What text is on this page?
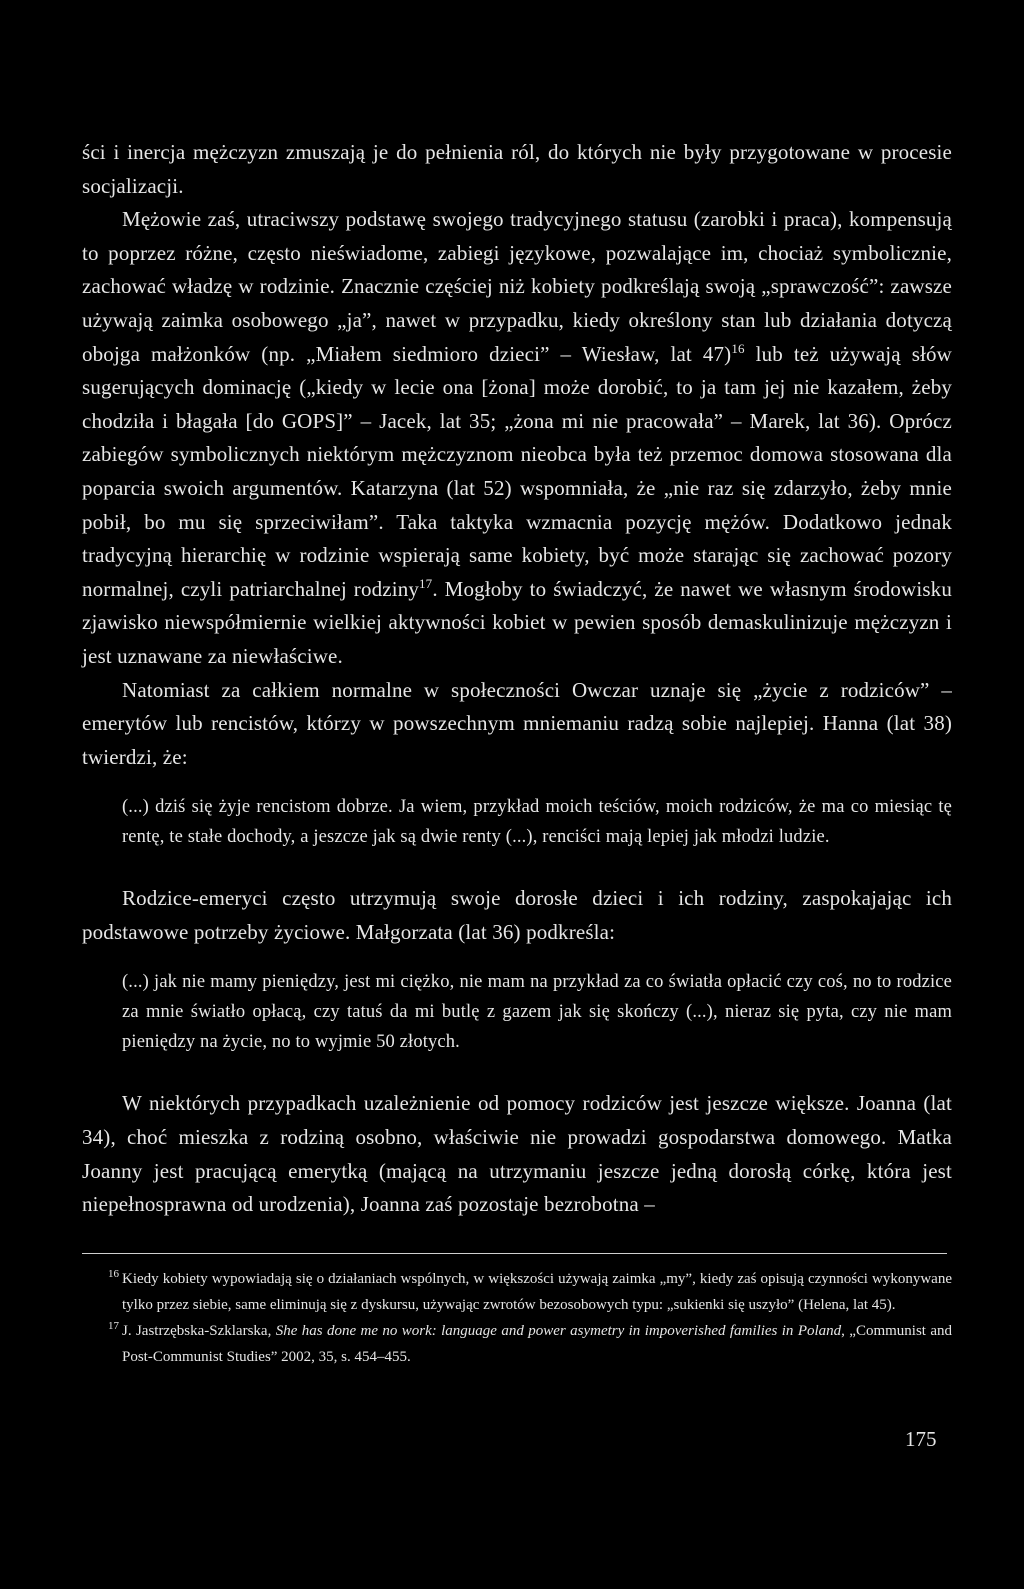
ści i inercja mężczyzn zmuszają je do pełnienia ról, do których nie były przygotowane w procesie socjalizacji.

Mężowie zaś, utraciwszy podstawę swojego tradycyjnego statusu (zarobki i praca), kompensują to poprzez różne, często nieświadome, zabiegi językowe, pozwalające im, chociaż symbolicznie, zachować władzę w rodzinie. Znacznie częściej niż kobiety podkreślają swoją „sprawczość”: zawsze używają zaimka osobowego „ja”, nawet w przypadku, kiedy określony stan lub działania dotyczą obojga małżonków (np. „Miałem siedmioro dzieci” – Wiesław, lat 47)$^{16}$ lub też używają słów sugerujących dominację („kiedy w lecie ona [żona] może dorobić, to ja tam jej nie kazałem, żeby chodziła i błagała [do GOPS]” – Jacek, lat 35; „żona mi nie pracowała” – Marek, lat 36). Oprócz zabiegów symbolicznych niektórym mężczyznom nieobca była też przemoc domowa stosowana dla poparcia swoich argumentów. Katarzyna (lat 52) wspomniała, że „nie raz się zdarzyło, żeby mnie pobił, bo mu się sprzeciwiłam”. Taka taktyka wzmacnia pozycję mężów. Dodatkowo jednak tradycyjną hierarchię w rodzinie wspierają same kobiety, być może starając się zachować pozory normalnej, czyli patriarchalnej rodziny$^{17}$. Mogłoby to świadczyć, że nawet we własnym środowisku zjawisko niewspółmiernie wielkiej aktywności kobiet w pewien sposób demaskulinizuje mężczyzn i jest uznawane za niewłaściwe.

Natomiast za całkiem normalne w społeczności Owczar uznaje się „życie z rodziców” – emerytów lub rencistów, którzy w powszechnym mniemaniu radzą sobie najlepiej. Hanna (lat 38) twierdzi, że:

(...) dziś się żyje rencistom dobrze. Ja wiem, przykład moich teściów, moich rodziców, że ma co miesiąc tę rentę, te stałe dochody, a jeszcze jak są dwie renty (...), renciści mają lepiej jak młodzi ludzie.

Rodzice-emeryci często utrzymują swoje dorosłe dzieci i ich rodziny, zaspokajając ich podstawowe potrzeby życiowe. Małgorzata (lat 36) podkreśla:

(...) jak nie mamy pieniędzy, jest mi ciężko, nie mam na przykład za co światła opłacić czy coś, no to rodzice za mnie światło opłacą, czy tatuś da mi butlę z gazem jak się skończy (...), nieraz się pyta, czy nie mam pieniędzy na życie, no to wyjmie 50 złotych.

W niektórych przypadkach uzależnienie od pomocy rodziców jest jeszcze większe. Joanna (lat 34), choć mieszka z rodziną osobno, właściwie nie prowadzi gospodarstwa domowego. Matka Joanny jest pracującą emerytką (mającą na utrzymaniu jeszcze jedną dorosłą córkę, która jest niepełnosprawna od urodzenia), Joanna zaś pozostaje bezrobotna –

$^{16}$ Kiedy kobiety wypowiadają się o działaniach wspólnych, w większości używają zaimka „my”, kiedy zaś opisują czynności wykonywane tylko przez siebie, same eliminują się z dyskursu, używając zwrotów bezosobowych typu: „sukienki się uszyło” (Helena, lat 45).

$^{17}$ J. Jastrzębska-Szklarska, She has done me no work: language and power asymetry in impoverished families in Poland, „Communist and Post-Communist Studies” 2002, 35, s. 454–455.

175
